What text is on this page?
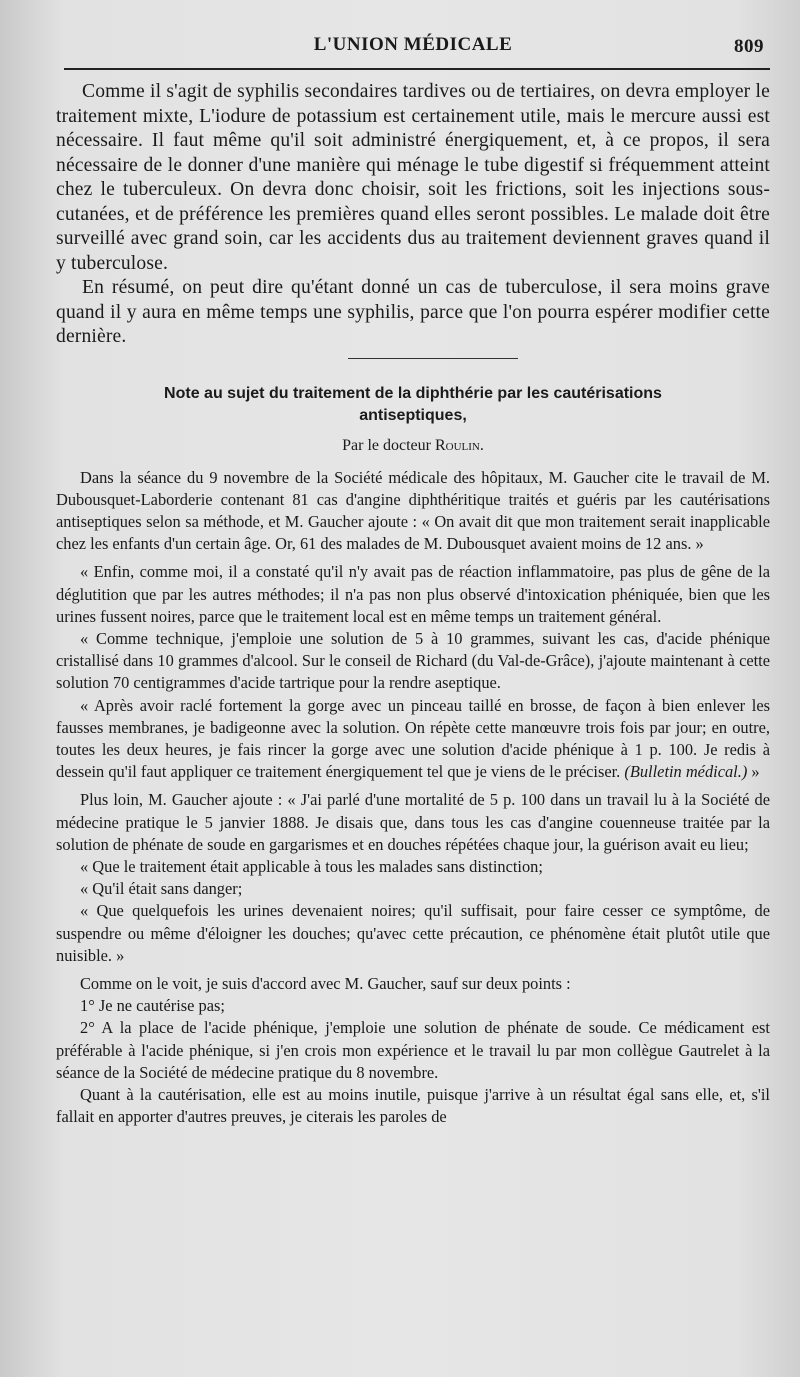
L'UNION MÉDICALE	809

Comme il s'agit de syphilis secondaires tardives ou de tertiaires, on devra employer le traitement mixte, L'iodure de potassium est certainement utile, mais le mercure aussi est nécessaire. Il faut même qu'il soit administré énergiquement, et, à ce propos, il sera nécessaire de le donner d'une manière qui ménage le tube digestif si fréquemment atteint chez le tuberculeux. On devra donc choisir, soit les frictions, soit les injections sous-cutanées, et de préférence les premières quand elles seront possibles. Le malade doit être surveillé avec grand soin, car les accidents dus au traitement deviennent graves quand il y tuberculose.

En résumé, on peut dire qu'étant donné un cas de tuberculose, il sera moins grave quand il y aura en même temps une syphilis, parce que l'on pourra espérer modifier cette dernière.

Note au sujet du traitement de la diphthérie par les cautérisations
antiseptiques,
Par le docteur Roulin.

Dans la séance du 9 novembre de la Société médicale des hôpitaux, M. Gaucher cite le travail de M. Dubousquet-Laborderie contenant 81 cas d'angine diphthéritique traités et guéris par les cautérisations antiseptiques selon sa méthode, et M. Gaucher ajoute : « On avait dit que mon traitement serait inapplicable chez les enfants d'un certain âge. Or, 61 des malades de M. Dubousquet avaient moins de 12 ans. »

« Enfin, comme moi, il a constaté qu'il n'y avait pas de réaction inflammatoire, pas plus de gêne de la déglutition que par les autres méthodes; il n'a pas non plus observé d'intoxication phéniquée, bien que les urines fussent noires, parce que le traitement local est en même temps un traitement général.

« Comme technique, j'emploie une solution de 5 à 10 grammes, suivant les cas, d'acide phénique cristallisé dans 10 grammes d'alcool. Sur le conseil de Richard (du Val-de-Grâce), j'ajoute maintenant à cette solution 70 centigrammes d'acide tartrique pour la rendre aseptique.

« Après avoir raclé fortement la gorge avec un pinceau taillé en brosse, de façon à bien enlever les fausses membranes, je badigeonne avec la solution. On répète cette manœuvre trois fois par jour; en outre, toutes les deux heures, je fais rincer la gorge avec une solution d'acide phénique à 1 p. 100. Je redis à dessein qu'il faut appliquer ce traitement énergiquement tel que je viens de le préciser. (Bulletin médical.) »

Plus loin, M. Gaucher ajoute : « J'ai parlé d'une mortalité de 5 p. 100 dans un travail lu à la Société de médecine pratique le 5 janvier 1888. Je disais que, dans tous les cas d'angine couenneuse traitée par la solution de phénate de soude en gargarismes et en douches répétées chaque jour, la guérison avait eu lieu;

« Que le traitement était applicable à tous les malades sans distinction;

« Qu'il était sans danger;

« Que quelquefois les urines devenaient noires; qu'il suffisait, pour faire cesser ce symptôme, de suspendre ou même d'éloigner les douches; qu'avec cette précaution, ce phénomène était plutôt utile que nuisible. »

Comme on le voit, je suis d'accord avec M. Gaucher, sauf sur deux points :

1° Je ne cautérise pas;

2° A la place de l'acide phénique, j'emploie une solution de phénate de soude. Ce médicament est préférable à l'acide phénique, si j'en crois mon expérience et le travail lu par mon collègue Gautrelet à la séance de la Société de médecine pratique du 8 novembre.

Quant à la cautérisation, elle est au moins inutile, puisque j'arrive à un résultat égal sans elle, et, s'il fallait en apporter d'autres preuves, je citerais les paroles de
